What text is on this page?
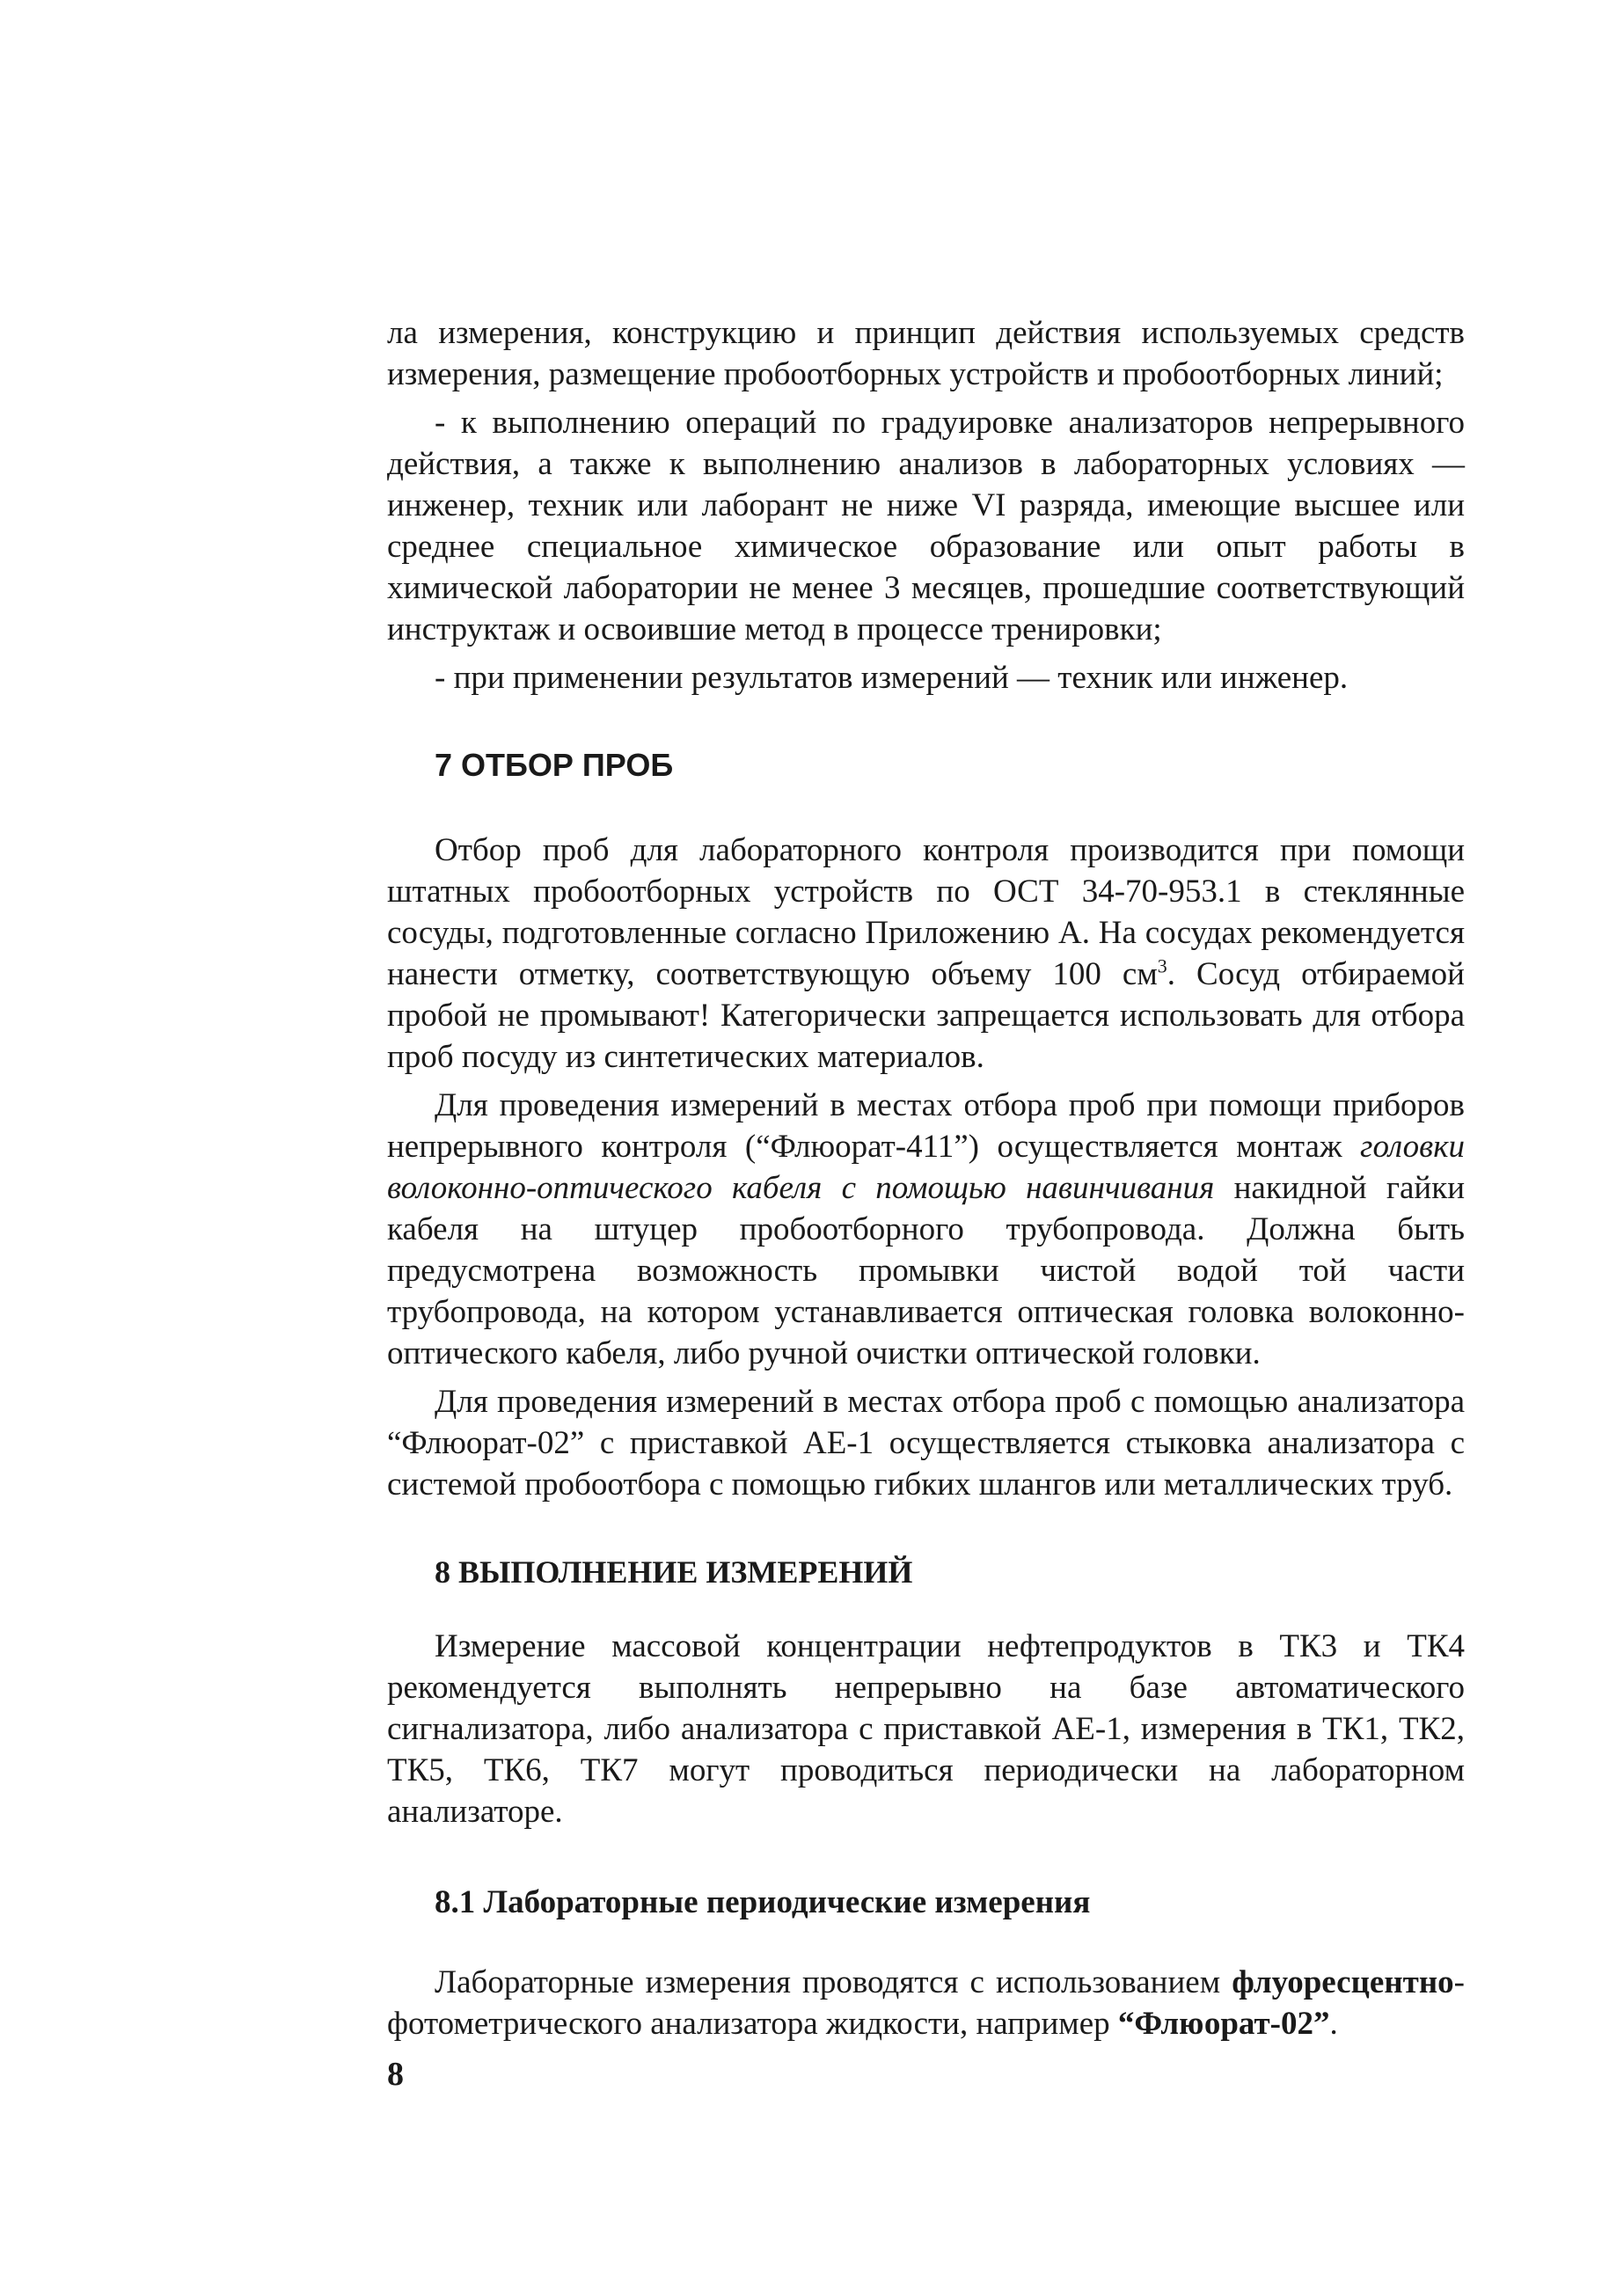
ла измерения, конструкцию и принцип действия используемых средств измерения, размещение пробоотборных устройств и пробоотборных линий;

- к выполнению операций по градуировке анализаторов непрерывного действия, а также к выполнению анализов в лабораторных условиях — инженер, техник или лаборант не ниже VI разряда, имеющие высшее или среднее специальное химическое образование или опыт работы в химической лаборатории не менее 3 месяцев, прошедшие соответствующий инструктаж и освоившие метод в процессе тренировки;

- при применении результатов измерений — техник или инженер.

7 ОТБОР ПРОБ

Отбор проб для лабораторного контроля производится при помощи штатных пробоотборных устройств по ОСТ 34-70-953.1 в стеклянные сосуды, подготовленные согласно Приложению А. На сосудах рекомендуется нанести отметку, соответствующую объему 100 $см^3$. Сосуд отбираемой пробой не промывают! Категорически запрещается использовать для отбора проб посуду из синтетических материалов.

Для проведения измерений в местах отбора проб при помощи приборов непрерывного контроля (“Флюорат-411”) осуществляется монтаж головки волоконно-оптического кабеля с помощью навинчивания накидной гайки кабеля на штуцер пробоотборного трубопровода. Должна быть предусмотрена возможность промывки чистой водой той части трубопровода, на котором устанавливается оптическая головка волоконно-оптического кабеля, либо ручной очистки оптической головки.

Для проведения измерений в местах отбора проб с помощью анализатора “Флюорат-02” с приставкой АЕ-1 осуществляется стыковка анализатора с системой пробоотбора с помощью гибких шлангов или металлических труб.

8 ВЫПОЛНЕНИЕ ИЗМЕРЕНИЙ

Измерение массовой концентрации нефтепродуктов в ТК3 и ТК4 рекомендуется выполнять непрерывно на базе автоматического сигнализатора, либо анализатора с приставкой АЕ-1, измерения в ТК1, ТК2, ТК5, ТК6, ТК7 могут проводиться периодически на лабораторном анализаторе.

8.1 Лабораторные периодические измерения

Лабораторные измерения проводятся с использованием флуоресцентно-фотометрического анализатора жидкости, например “Флюорат-02”.

8
